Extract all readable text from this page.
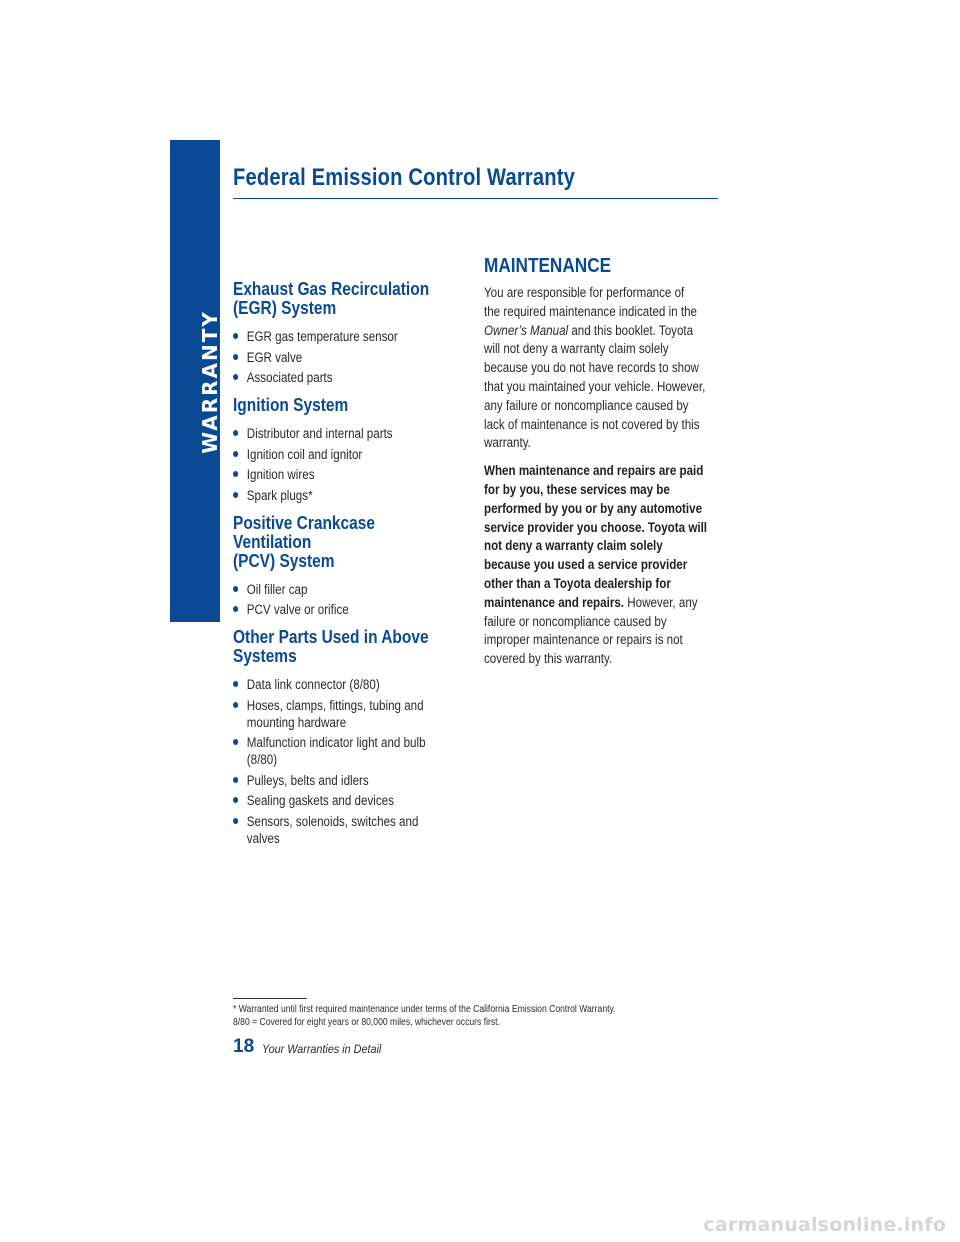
WARRANTY
Federal Emission Control Warranty
Exhaust Gas Recirculation
(EGR) System
EGR gas temperature sensor
EGR valve
Associated parts
Ignition System
Distributor and internal parts
Ignition coil and ignitor
Ignition wires
Spark plugs*
Positive Crankcase Ventilation
(PCV) System
Oil filler cap
PCV valve or orifice
Other Parts Used in Above
Systems
Data link connector (8/80)
Hoses, clamps, fittings, tubing and
mounting hardware
Malfunction indicator light and bulb
(8/80)
Pulleys, belts and idlers
Sealing gaskets and devices
Sensors, solenoids, switches and
valves
MAINTENANCE

You are responsible for performance of
the required maintenance indicated in the
Owner’s Manual and this booklet. Toyota
will not deny a warranty claim solely
because you do not have records to show
that you maintained your vehicle. However,
any failure or noncompliance caused by
lack of maintenance is not covered by this
warranty.

When maintenance and repairs are paid
for by you, these services may be
performed by you or by any automotive
service provider you choose. Toyota will
not deny a warranty claim solely
because you used a service provider
other than a Toyota dealership for
maintenance and repairs. However, any
failure or noncompliance caused by
improper maintenance or repairs is not
covered by this warranty.

* Warranted until first required maintenance under terms of the California Emission Control Warranty.
8/80 = Covered for eight years or 80,000 miles, whichever occurs first.
18 Your Warranties in Detail
carmanualsonline.info
